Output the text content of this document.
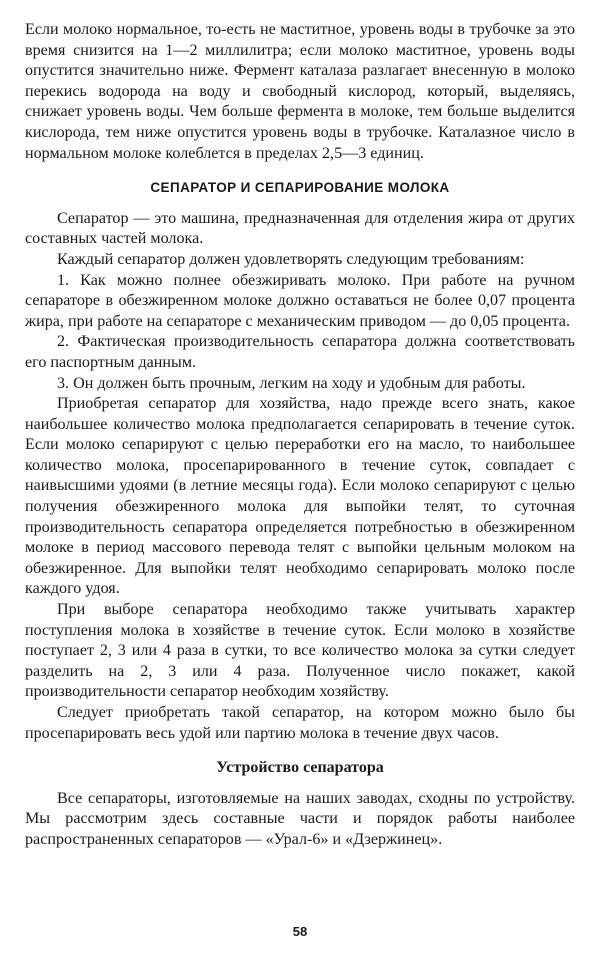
Если молоко нормальное, то-есть не маститное, уровень воды в трубочке за это время снизится на 1—2 миллилитра; если молоко маститное, уровень воды опустится значительно ниже. Фермент каталаза разлагает внесенную в молоко перекись водорода на воду и свободный кислород, который, выделяясь, снижает уровень воды. Чем больше фермента в молоке, тем больше выделится кислорода, тем ниже опустится уровень воды в трубочке. Каталазное число в нормальном молоке колеблется в пределах 2,5—3 единиц.

СЕПАРАТОР И СЕПАРИРОВАНИЕ МОЛОКА

Сепаратор — это машина, предназначенная для отделения жира от других составных частей молока.

Каждый сепаратор должен удовлетворять следующим требованиям:

1. Как можно полнее обезжиривать молоко. При работе на ручном сепараторе в обезжиренном молоке должно оставаться не более 0,07 процента жира, при работе на сепараторе с механическим приводом — до 0,05 процента.

2. Фактическая производительность сепаратора должна соответствовать его паспортным данным.

3. Он должен быть прочным, легким на ходу и удобным для работы.

Приобретая сепаратор для хозяйства, надо прежде всего знать, какое наибольшее количество молока предполагается сепарировать в течение суток. Если молоко сепарируют с целью переработки его на масло, то наибольшее количество молока, просепарированного в течение суток, совпадает с наивысшими удоями (в летние месяцы года). Если молоко сепарируют с целью получения обезжиренного молока для выпойки телят, то суточная производительность сепаратора определяется потребностью в обезжиренном молоке в период массового перевода телят с выпойки цельным молоком на обезжиренное. Для выпойки телят необходимо сепарировать молоко после каждого удоя.

При выборе сепаратора необходимо также учитывать характер поступления молока в хозяйстве в течение суток. Если молоко в хозяйстве поступает 2, 3 или 4 раза в сутки, то все количество молока за сутки следует разделить на 2, 3 или 4 раза. Полученное число покажет, какой производительности сепаратор необходим хозяйству.

Следует приобретать такой сепаратор, на котором можно было бы просепарировать весь удой или партию молока в течение двух часов.

Устройство сепаратора

Все сепараторы, изготовляемые на наших заводах, сходны по устройству. Мы рассмотрим здесь составные части и порядок работы наиболее распространенных сепараторов — «Урал-6» и «Дзержинец».

58
